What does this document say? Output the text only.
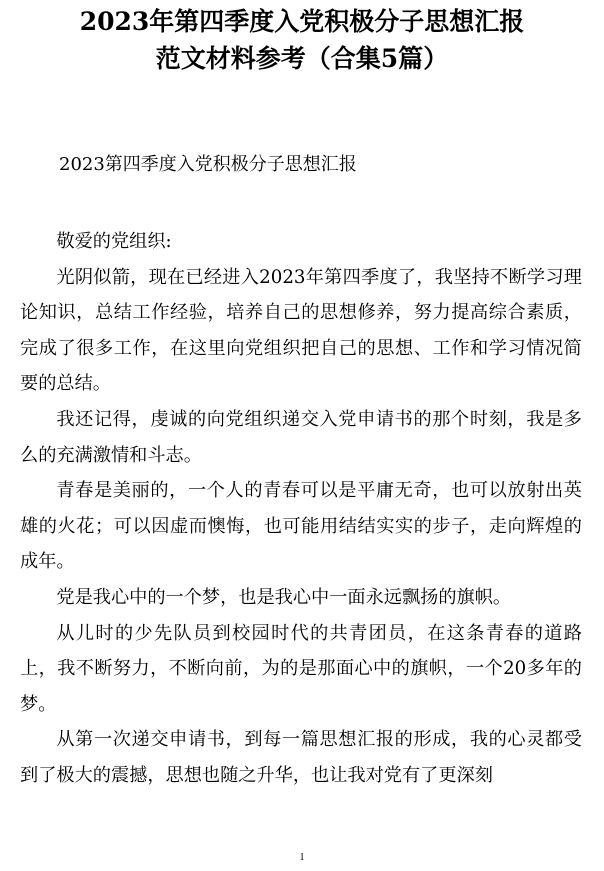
2023年第四季度入党积极分子思想汇报
范文材料参考（合集5篇）
2023第四季度入党积极分子思想汇报

敬爱的党组织:

光阴似箭，现在已经进入2023年第四季度了，我坚持不断学习理论知识，总结工作经验，培养自己的思想修养，努力提高综合素质，完成了很多工作，在这里向党组织把自己的思想、工作和学习情况简要的总结。

我还记得，虔诚的向党组织递交入党申请书的那个时刻，我是多么的充满激情和斗志。

青春是美丽的，一个人的青春可以是平庸无奇，也可以放射出英雄的火花；可以因虚而懊悔，也可能用结结实实的步子，走向辉煌的成年。

党是我心中的一个梦，也是我心中一面永远飘扬的旗帜。

从儿时的少先队员到校园时代的共青团员，在这条青春的道路上，我不断努力，不断向前，为的是那面心中的旗帜，一个20多年的梦。

从第一次递交申请书，到每一篇思想汇报的形成，我的心灵都受到了极大的震撼，思想也随之升华，也让我对党有了更深刻

1
